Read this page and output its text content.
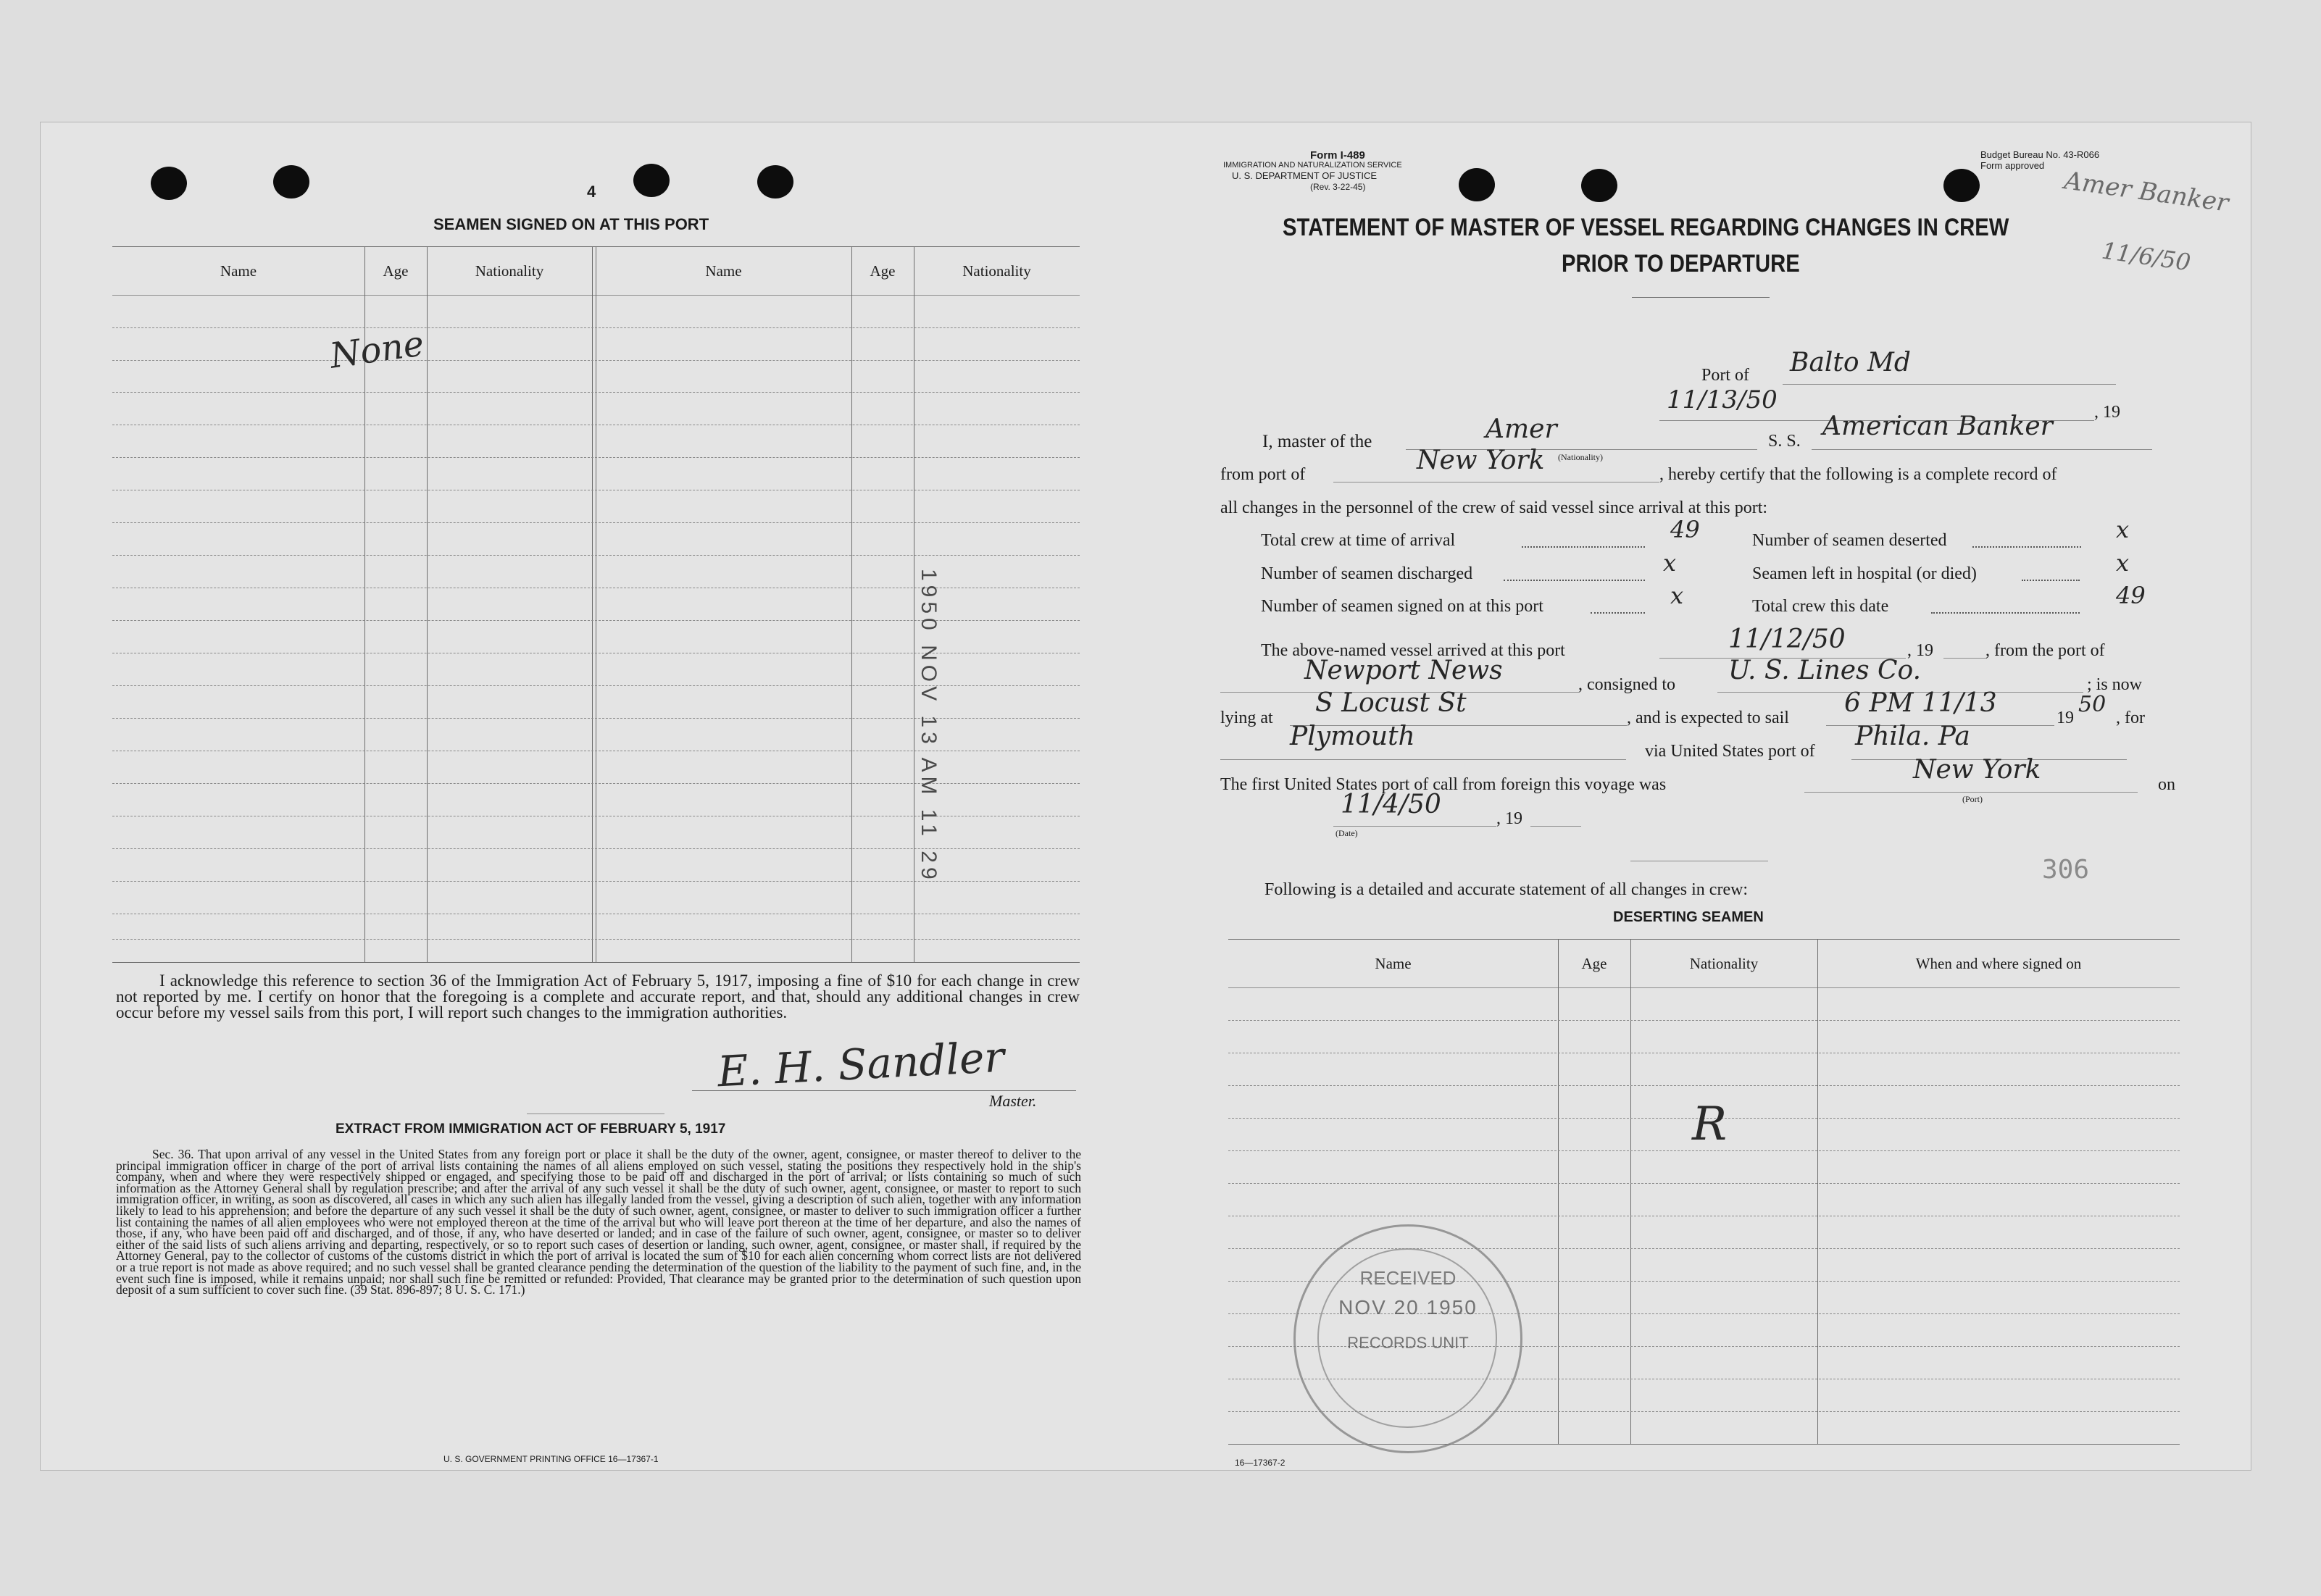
4
SEAMEN SIGNED ON AT THIS PORT
Name	Age	Nationality	Name	Age	Nationality
None
1950 NOV 13 AM 11 29
I acknowledge this reference to section 36 of the Immigration Act of February 5, 1917, imposing a fine of $10 for each change in crew not reported by me. I certify on honor that the foregoing is a complete and accurate report, and that, should any additional changes in crew occur before my vessel sails from this port, I will report such changes to the immigration authorities.
E. H. Sandler
Master.
EXTRACT FROM IMMIGRATION ACT OF FEBRUARY 5, 1917
Sec. 36. That upon arrival of any vessel in the United States from any foreign port or place it shall be the duty of the owner, agent, consignee, or master thereof to deliver to the principal immigration officer in charge of the port of arrival lists containing the names of all aliens employed on such vessel, stating the positions they respectively hold in the ship's company, when and where they were respectively shipped or engaged, and specifying those to be paid off and discharged in the port of arrival; or lists containing so much of such information as the Attorney General shall by regulation prescribe; and after the arrival of any such vessel it shall be the duty of such owner, agent, consignee, or master to report to such immigration officer, in writing, as soon as discovered, all cases in which any such alien has illegally landed from the vessel, giving a description of such alien, together with any information likely to lead to his apprehension; and before the departure of any such vessel it shall be the duty of such owner, agent, consignee, or master to deliver to such immigration officer a further list containing the names of all alien employees who were not employed thereon at the time of the arrival but who will leave port thereon at the time of her departure, and also the names of those, if any, who have been paid off and discharged, and of those, if any, who have deserted or landed; and in case of the failure of such owner, agent, consignee, or master so to deliver either of the said lists of such aliens arriving and departing, respectively, or so to report such cases of desertion or landing, such owner, agent, consignee, or master shall, if required by the Attorney General, pay to the collector of customs of the customs district in which the port of arrival is located the sum of $10 for each alien concerning whom correct lists are not delivered or a true report is not made as above required; and no such vessel shall be granted clearance pending the determination of the question of the liability to the payment of such fine, and, in the event such fine is imposed, while it remains unpaid; nor shall such fine be remitted or refunded: Provided, That clearance may be granted prior to the determination of such question upon deposit of a sum sufficient to cover such fine. (39 Stat. 896-897; 8 U. S. C. 171.)
U. S. GOVERNMENT PRINTING OFFICE 16—17367-1
Form I-489
IMMIGRATION AND NATURALIZATION SERVICE
U. S. DEPARTMENT OF JUSTICE
(Rev. 3-22-45)
Budget Bureau No. 43-R066
Form approved
Amer Banker
11/6/50
STATEMENT OF MASTER OF VESSEL REGARDING CHANGES IN CREW
PRIOR TO DEPARTURE
Port of Balto Md
11/13/50	, 19
I, master of the	Amer
(Nationality)
S. S. American Banker
from port of	New York	, hereby certify that the following is a complete record of
all changes in the personnel of the crew of said vessel since arrival at this port:
Total crew at time of arrival	49	Number of seamen deserted	x
Number of seamen discharged	x	Seamen left in hospital (or died)	x
Number of seamen signed on at this port	x	Total crew this date	49
The above-named vessel arrived at this port	11/12/50	, 19	, from the port of
Newport News	, consigned to U. S. Lines Co.	; is now
lying at S Locust St	, and is expected to sail 6 PM 11/13	19
50
, for
Plymouth	via United States port of Phila. Pa
The first United States port of call from foreign this voyage was	New York
(Port)
on
11/4/50
(Date)
, 19
306
Following is a detailed and accurate statement of all changes in crew:
DESERTING SEAMEN
Name	Age	Nationality	When and where signed on
R
RECEIVED
NOV 20 1950
RECORDS UNIT
16—17367-2
